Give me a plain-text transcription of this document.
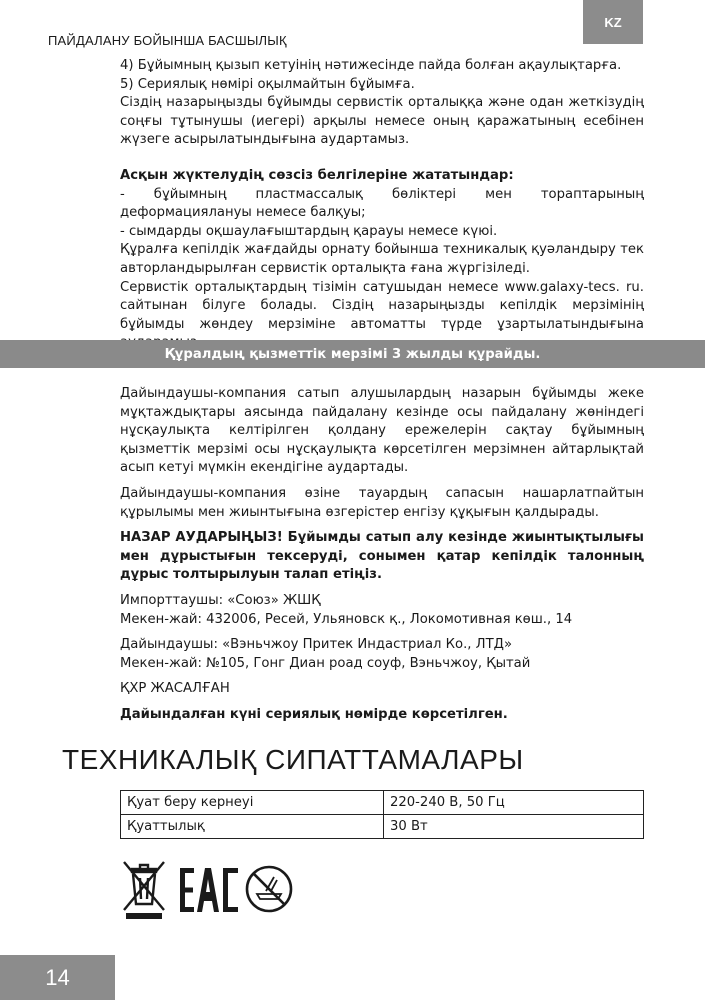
KZ
ПАЙДАЛАНУ БОЙЫНША БАСШЫЛЫҚ

4) Бұйымның қызып кетуінің нәтижесінде пайда болған ақаулықтарға.

5) Сериялық нөмірі оқылмайтын бұйымға.

Сіздің назарыңызды бұйымды сервистік орталыққа және одан жеткізудің соңғы тұтынушы (иегері) арқылы немесе оның қаражатының есебінен жүзеге асырылатындығына аудартамыз.

Асқын жүктелудің сөзсіз белгілеріне жататындар:

- бұйымның пластмассалық бөліктері мен тораптарының деформациялануы немесе балқуы;

- сымдарды оқшаулағыштардың қарауы немесе күюі.

Құралға кепілдік жағдайды орнату бойынша техникалық қуәландыру тек авторландырылған сервистік орталықта ғана жүргізіледі.

Сервистік орталықтардың тізімін сатушыдан немесе www.galaxy-tecs. ru. сайтынан білуге болады. Сіздің назарыңызды кепілдік мерзімінің бұйымды жөндеу мерзіміне автоматты түрде ұзартылатындығына

Құралдың қызметтік мерзімі 3 жылды құрайды.

Дайындаушы-компания сатып алушылардың назарын бұйымды жеке мұқтаждықтары аясында пайдалану кезінде осы пайдалану жөніндегі нұсқаулықта келтірілген қолдану ережелерін сақтау бұйымның қызметтік мерзімі осы нұсқаулықта көрсетілген мерзімнен айтарлықтай асып кетуі мүмкін екендігіне аудартады.

Дайындаушы-компания өзіне тауардың сапасын нашарлатпайтын құрылымы мен жиынтығына өзгерістер енгізу құқығын қалдырады.

НАЗАР АУДАРЫҢЫЗ! Бұйымды сатып алу кезінде жиынтықтылығы мен дұрыстығын тексеруді, сонымен қатар кепілдік талонның дұрыс толтырылуын талап етіңіз.

Импорттаушы: «Союз» ЖШҚ

Мекен-жай: 432006, Ресей, Ульяновск қ., Локомотивная көш., 14

Дайындаушы: «Вэньчжоу Притек Индастриал Ко., ЛТД»

Мекен-жай: №105, Гонг Диан роад соуф, Вэньчжоу, Қытай

ҚХР ЖАСАЛҒАН

Дайындалған күні сериялық нөмірде көрсетілген.

ТЕХНИКАЛЫҚ СИПАТТАМАЛАРЫ
Қуат беру кернеуі	220-240 В, 50 Гц
Қуаттылық	30 Вт
14
